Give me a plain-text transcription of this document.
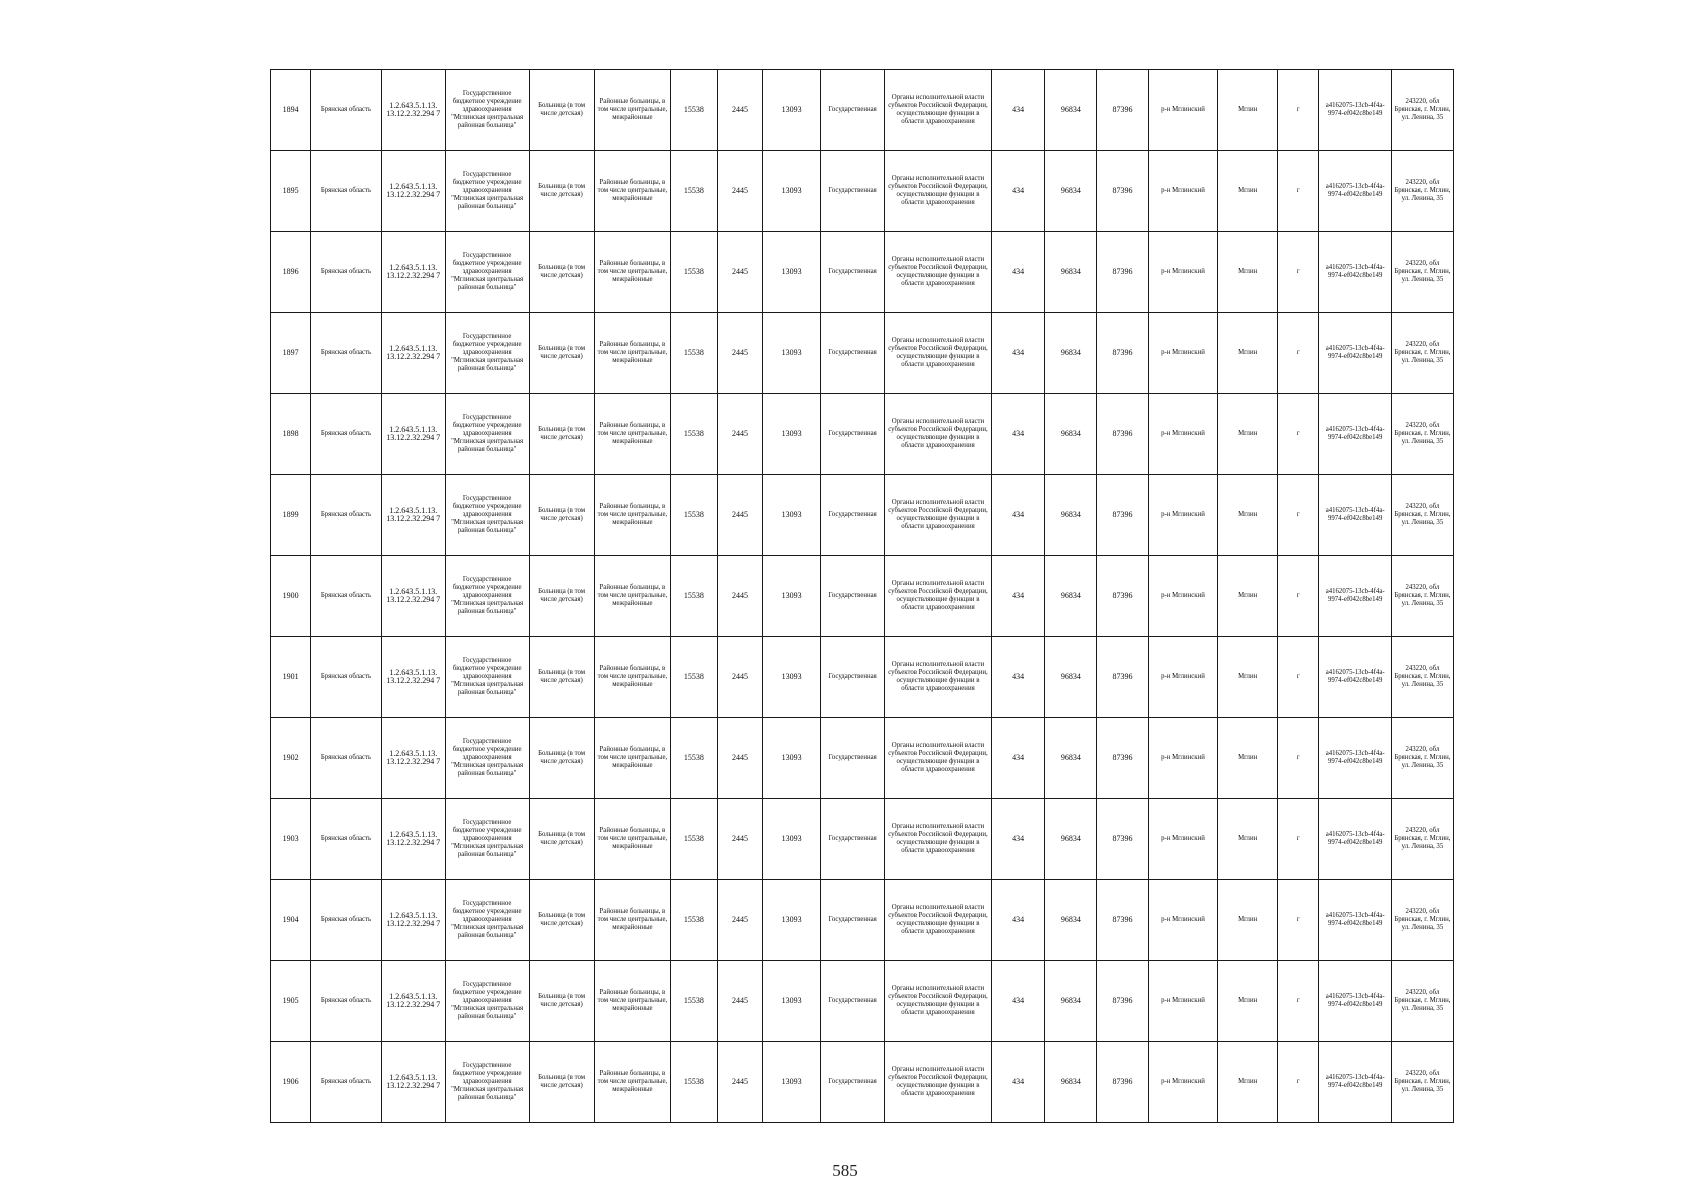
1894	Брянская область	1.2.643.5.1.13. 13.12.2.32.294 7	Государственное бюджетное учреждение здравоохранения "Мглинская центральная районная больница"	Больница (в том числе детская)	Районные больницы, в том числе центральные, межрайонные	15538	2445	13093	Государственная	Органы исполнительной власти субъектов Российской Федерации, осуществляющие функции в области здравоохранения	434	96834	87396	р-н Мглинский	Мглин	г	a4162075-13cb-4f4a-9974-ef042c8be149	243220, обл Брянская, г. Мглин, ул. Ленина, 35
1895	Брянская область	1.2.643.5.1.13. 13.12.2.32.294 7	Государственное бюджетное учреждение здравоохранения "Мглинская центральная районная больница"	Больница (в том числе детская)	Районные больницы, в том числе центральные, межрайонные	15538	2445	13093	Государственная	Органы исполнительной власти субъектов Российской Федерации, осуществляющие функции в области здравоохранения	434	96834	87396	р-н Мглинский	Мглин	г	a4162075-13cb-4f4a-9974-ef042c8be149	243220, обл Брянская, г. Мглин, ул. Ленина, 35
1896	Брянская область	1.2.643.5.1.13. 13.12.2.32.294 7	Государственное бюджетное учреждение здравоохранения "Мглинская центральная районная больница"	Больница (в том числе детская)	Районные больницы, в том числе центральные, межрайонные	15538	2445	13093	Государственная	Органы исполнительной власти субъектов Российской Федерации, осуществляющие функции в области здравоохранения	434	96834	87396	р-н Мглинский	Мглин	г	a4162075-13cb-4f4a-9974-ef042c8be149	243220, обл Брянская, г. Мглин, ул. Ленина, 35
1897	Брянская область	1.2.643.5.1.13. 13.12.2.32.294 7	Государственное бюджетное учреждение здравоохранения "Мглинская центральная районная больница"	Больница (в том числе детская)	Районные больницы, в том числе центральные, межрайонные	15538	2445	13093	Государственная	Органы исполнительной власти субъектов Российской Федерации, осуществляющие функции в области здравоохранения	434	96834	87396	р-н Мглинский	Мглин	г	a4162075-13cb-4f4a-9974-ef042c8be149	243220, обл Брянская, г. Мглин, ул. Ленина, 35
1898	Брянская область	1.2.643.5.1.13. 13.12.2.32.294 7	Государственное бюджетное учреждение здравоохранения "Мглинская центральная районная больница"	Больница (в том числе детская)	Районные больницы, в том числе центральные, межрайонные	15538	2445	13093	Государственная	Органы исполнительной власти субъектов Российской Федерации, осуществляющие функции в области здравоохранения	434	96834	87396	р-н Мглинский	Мглин	г	a4162075-13cb-4f4a-9974-ef042c8be149	243220, обл Брянская, г. Мглин, ул. Ленина, 35
1899	Брянская область	1.2.643.5.1.13. 13.12.2.32.294 7	Государственное бюджетное учреждение здравоохранения "Мглинская центральная районная больница"	Больница (в том числе детская)	Районные больницы, в том числе центральные, межрайонные	15538	2445	13093	Государственная	Органы исполнительной власти субъектов Российской Федерации, осуществляющие функции в области здравоохранения	434	96834	87396	р-н Мглинский	Мглин	г	a4162075-13cb-4f4a-9974-ef042c8be149	243220, обл Брянская, г. Мглин, ул. Ленина, 35
1900	Брянская область	1.2.643.5.1.13. 13.12.2.32.294 7	Государственное бюджетное учреждение здравоохранения "Мглинская центральная районная больница"	Больница (в том числе детская)	Районные больницы, в том числе центральные, межрайонные	15538	2445	13093	Государственная	Органы исполнительной власти субъектов Российской Федерации, осуществляющие функции в области здравоохранения	434	96834	87396	р-н Мглинский	Мглин	г	a4162075-13cb-4f4a-9974-ef042c8be149	243220, обл Брянская, г. Мглин, ул. Ленина, 35
1901	Брянская область	1.2.643.5.1.13. 13.12.2.32.294 7	Государственное бюджетное учреждение здравоохранения "Мглинская центральная районная больница"	Больница (в том числе детская)	Районные больницы, в том числе центральные, межрайонные	15538	2445	13093	Государственная	Органы исполнительной власти субъектов Российской Федерации, осуществляющие функции в области здравоохранения	434	96834	87396	р-н Мглинский	Мглин	г	a4162075-13cb-4f4a-9974-ef042c8be149	243220, обл Брянская, г. Мглин, ул. Ленина, 35
1902	Брянская область	1.2.643.5.1.13. 13.12.2.32.294 7	Государственное бюджетное учреждение здравоохранения "Мглинская центральная районная больница"	Больница (в том числе детская)	Районные больницы, в том числе центральные, межрайонные	15538	2445	13093	Государственная	Органы исполнительной власти субъектов Российской Федерации, осуществляющие функции в области здравоохранения	434	96834	87396	р-н Мглинский	Мглин	г	a4162075-13cb-4f4a-9974-ef042c8be149	243220, обл Брянская, г. Мглин, ул. Ленина, 35
1903	Брянская область	1.2.643.5.1.13. 13.12.2.32.294 7	Государственное бюджетное учреждение здравоохранения "Мглинская центральная районная больница"	Больница (в том числе детская)	Районные больницы, в том числе центральные, межрайонные	15538	2445	13093	Государственная	Органы исполнительной власти субъектов Российской Федерации, осуществляющие функции в области здравоохранения	434	96834	87396	р-н Мглинский	Мглин	г	a4162075-13cb-4f4a-9974-ef042c8be149	243220, обл Брянская, г. Мглин, ул. Ленина, 35
1904	Брянская область	1.2.643.5.1.13. 13.12.2.32.294 7	Государственное бюджетное учреждение здравоохранения "Мглинская центральная районная больница"	Больница (в том числе детская)	Районные больницы, в том числе центральные, межрайонные	15538	2445	13093	Государственная	Органы исполнительной власти субъектов Российской Федерации, осуществляющие функции в области здравоохранения	434	96834	87396	р-н Мглинский	Мглин	г	a4162075-13cb-4f4a-9974-ef042c8be149	243220, обл Брянская, г. Мглин, ул. Ленина, 35
1905	Брянская область	1.2.643.5.1.13. 13.12.2.32.294 7	Государственное бюджетное учреждение здравоохранения "Мглинская центральная районная больница"	Больница (в том числе детская)	Районные больницы, в том числе центральные, межрайонные	15538	2445	13093	Государственная	Органы исполнительной власти субъектов Российской Федерации, осуществляющие функции в области здравоохранения	434	96834	87396	р-н Мглинский	Мглин	г	a4162075-13cb-4f4a-9974-ef042c8be149	243220, обл Брянская, г. Мглин, ул. Ленина, 35
1906	Брянская область	1.2.643.5.1.13. 13.12.2.32.294 7	Государственное бюджетное учреждение здравоохранения "Мглинская центральная районная больница"	Больница (в том числе детская)	Районные больницы, в том числе центральные, межрайонные	15538	2445	13093	Государственная	Органы исполнительной власти субъектов Российской Федерации, осуществляющие функции в области здравоохранения	434	96834	87396	р-н Мглинский	Мглин	г	a4162075-13cb-4f4a-9974-ef042c8be149	243220, обл Брянская, г. Мглин, ул. Ленина, 35
585
